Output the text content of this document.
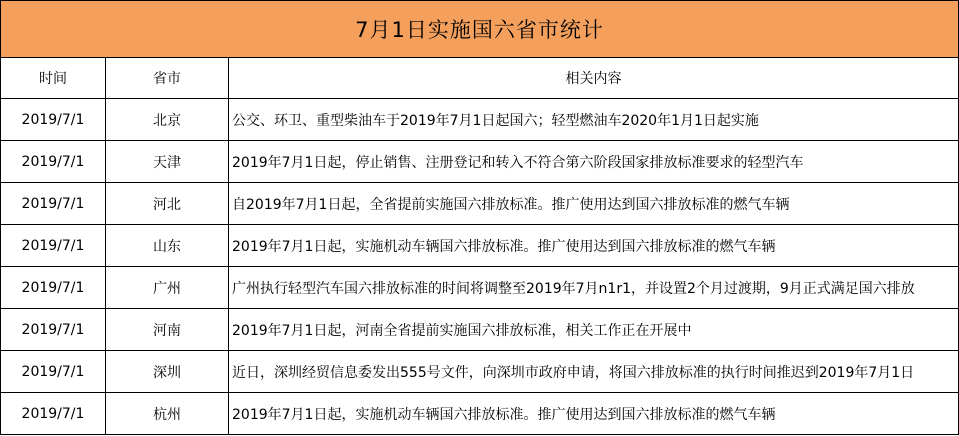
7月1日实施国六省市统计		
时间	省市	相关内容
2019/7/1	北京	公交、环卫、重型柴油车于2019年7月1日起国六；轻型燃油车2020年1月1日起实施
2019/7/1	天津	2019年7月1日起，停止销售、注册登记和转入不符合第六阶段国家排放标准要求的轻型汽车
2019/7/1	河北	自2019年7月1日起，全省提前实施国六排放标准。推广使用达到国六排放标准的燃气车辆
2019/7/1	山东	2019年7月1日起，实施机动车辆国六排放标准。推广使用达到国六排放标准的燃气车辆
2019/7/1	广州	广州执行轻型汽车国六排放标准的时间将调整至2019年7月n1r1，并设置2个月过渡期，9月正式满足国六排放
2019/7/1	河南	2019年7月1日起，河南全省提前实施国六排放标准，相关工作正在开展中
2019/7/1	深圳	近日，深圳经贸信息委发出555号文件，向深圳市政府申请，将国六排放标准的执行时间推迟到2019年7月1日
2019/7/1	杭州	2019年7月1日起，实施机动车辆国六排放标准。推广使用达到国六排放标准的燃气车辆
